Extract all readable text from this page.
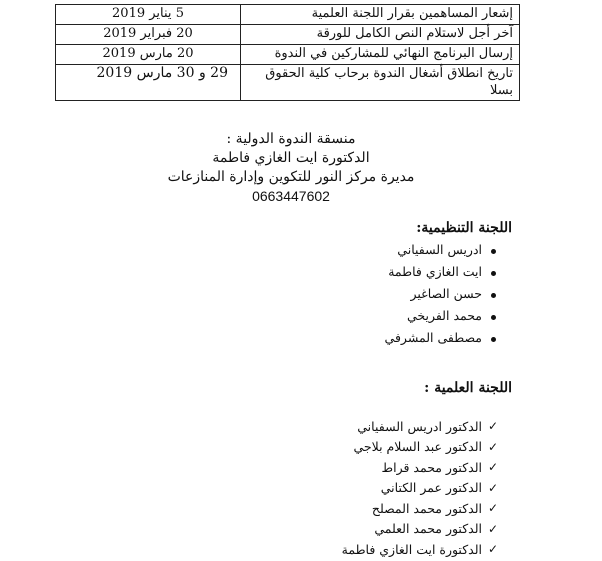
إشعار المساهمين بقرار اللجنة العلمية	5 يناير 2019
آخر أجل لاستلام النص الكامل للورقة	20 فبراير 2019
إرسال البرنامج النهائي للمشاركين في الندوة	20 مارس 2019
تاريخ انطلاق أشغال الندوة برحاب كلية الحقوق بسلا	29 و 30 مارس 2019
منسقة الندوة الدولية :
الدكتورة ايت الغازي فاطمة
مديرة مركز النور للتكوين وإدارة المنازعات
0663447602
اللجنة التنظيمية:
ادريس السفياني
ايت الغازي فاطمة
حسن الصاغير
محمد الفريخي
مصطفى المشرفي
اللجنة العلمية :
✓
الدكتور ادريس السفياني
✓
الدكتور عبد السلام بلاجي
✓
الدكتور محمد قراط
✓
الدكتور عمر الكتاني
✓
الدكتور محمد المصلح
✓
الدكتور محمد العلمي
✓
الدكتورة ايت الغازي فاطمة
